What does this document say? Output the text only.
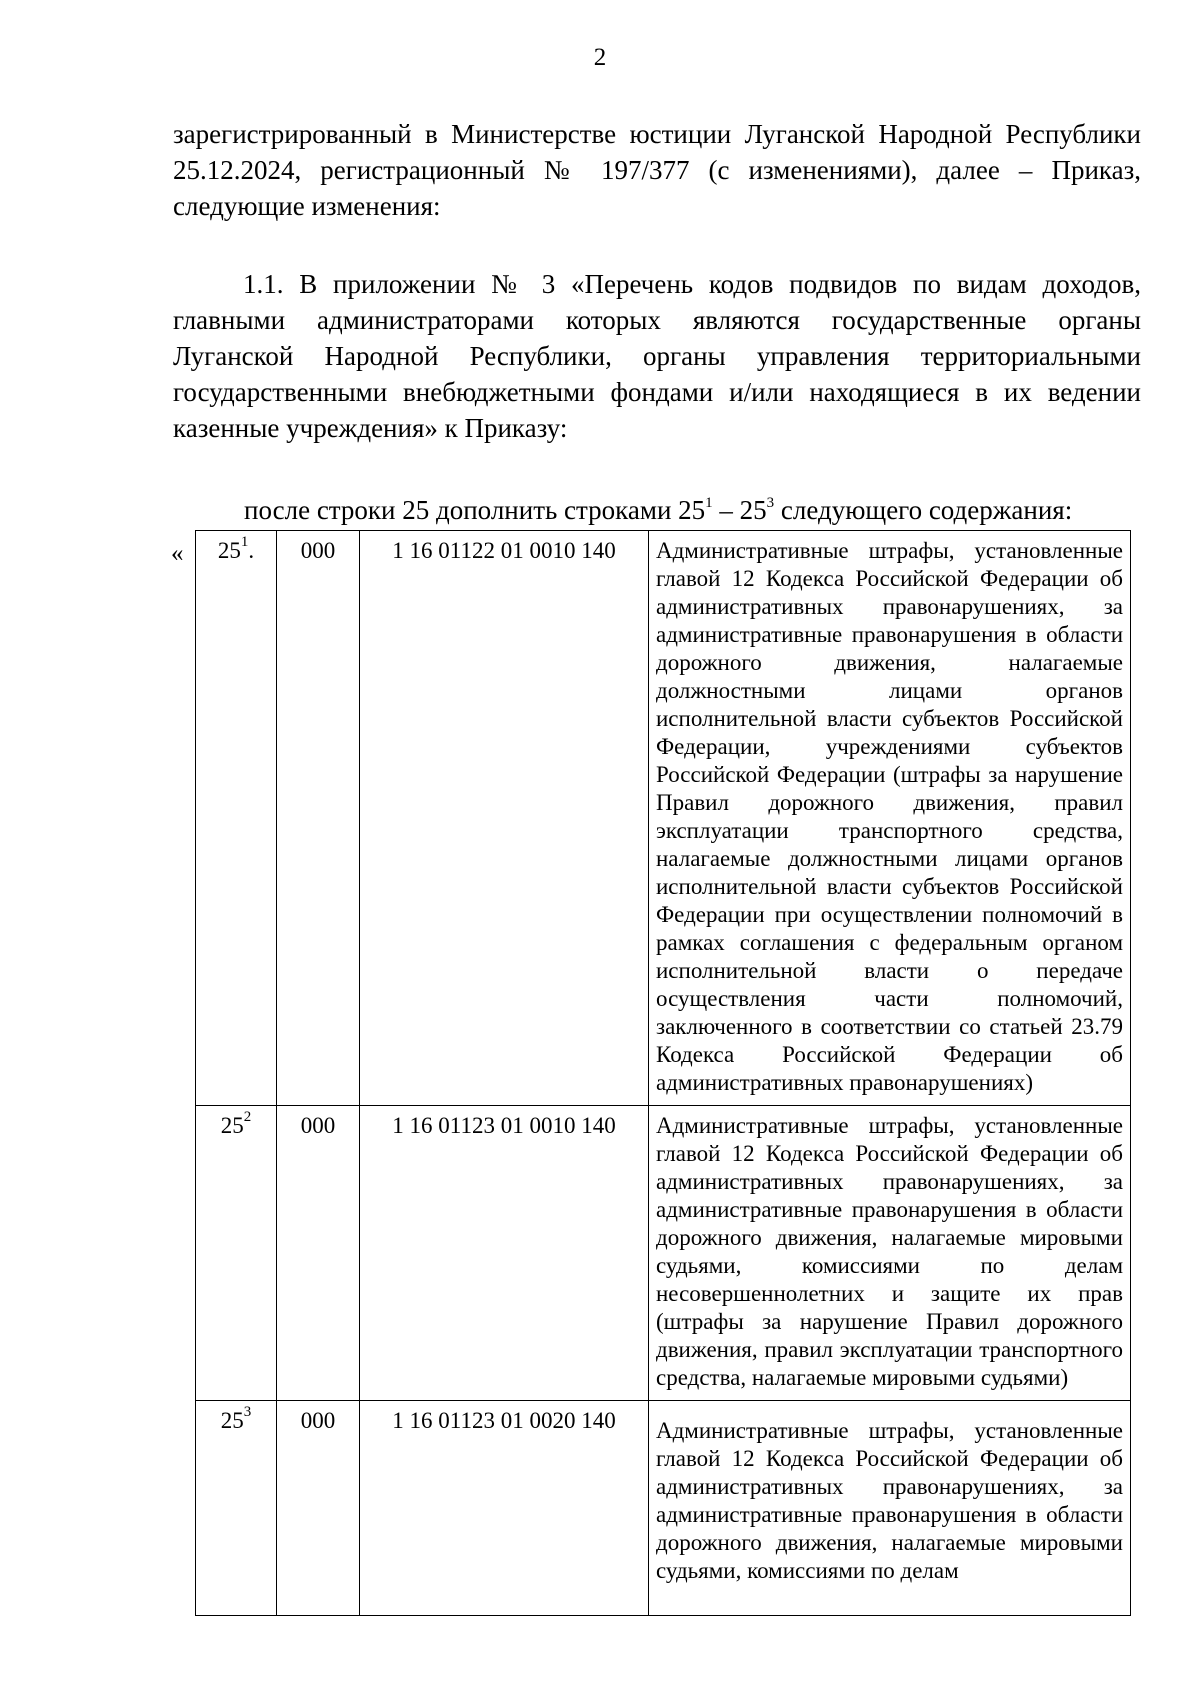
2
зарегистрированный в Министерстве юстиции Луганской Народной Республики 25.12.2024, регистрационный № 197/377 (с изменениями), далее – Приказ, следующие изменения:
1.1. В приложении № 3 «Перечень кодов подвидов по видам доходов, главными администраторами которых являются государственные органы Луганской Народной Республики, органы управления территориальными государственными внебюджетными фондами и/или находящиеся в их ведении казенные учреждения» к Приказу:
после строки 25 дополнить строками $25^1 - 25^3$ следующего содержания:
« $25^1$.	000	1 16 01122 01 0010 140	Административные штрафы, установленные главой 12 Кодекса Российской Федерации об административных правонарушениях, за административные правонарушения в области дорожного движения, налагаемые должностными лицами органов исполнительной власти субъектов Российской Федерации, учреждениями субъектов Российской Федерации (штрафы за нарушение Правил дорожного движения, правил эксплуатации транспортного средства, налагаемые должностными лицами органов исполнительной власти субъектов Российской Федерации при осуществлении полномочий в рамках соглашения с федеральным органом исполнительной власти о передаче осуществления части полномочий, заключенного в соответствии со статьей 23.79 Кодекса Российской Федерации об административных правонарушениях)
$25^2$	000	1 16 01123 01 0010 140	Административные штрафы, установленные главой 12 Кодекса Российской Федерации об административных правонарушениях, за административные правонарушения в области дорожного движения, налагаемые мировыми судьями, комиссиями по делам несовершеннолетних и защите их прав (штрафы за нарушение Правил дорожного движения, правил эксплуатации транспортного средства, налагаемые мировыми судьями)
$25^3$	000	1 16 01123 01 0020 140	Административные штрафы, установленные главой 12 Кодекса Российской Федерации об административных правонарушениях, за административные правонарушения в области дорожного движения, налагаемые мировыми судьями, комиссиями по делам
